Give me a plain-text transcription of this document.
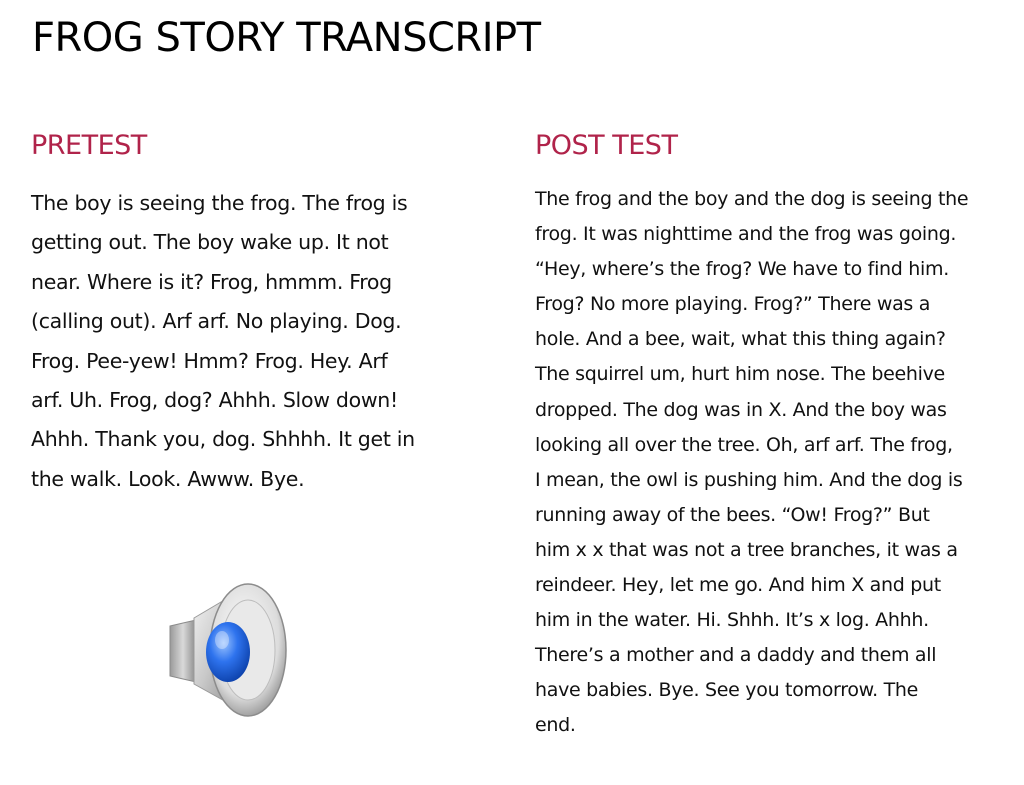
FROG STORY TRANSCRIPT
PRETEST

The boy is seeing the frog. The frog is
getting out. The boy wake up. It not
near. Where is it? Frog, hmmm. Frog
(calling out). Arf arf. No playing. Dog.
Frog. Pee-yew! Hmm? Frog. Hey. Arf
arf. Uh. Frog, dog? Ahhh. Slow down!
Ahhh. Thank you, dog. Shhhh. It get in
the walk. Look. Awww. Bye.

POST TEST

The frog and the boy and the dog is seeing the
frog. It was nighttime and the frog was going.
“Hey, where’s the frog? We have to find him.
Frog? No more playing. Frog?” There was a
hole. And a bee, wait, what this thing again?
The squirrel um, hurt him nose. The beehive
dropped. The dog was in X. And the boy was
looking all over the tree. Oh, arf arf. The frog,
I mean, the owl is pushing him. And the dog is
running away of the bees. “Ow! Frog?” But
him x x that was not a tree branches, it was a
reindeer. Hey, let me go. And him X and put
him in the water. Hi. Shhh. It’s x log. Ahhh.
There’s a mother and a daddy and them all
have babies. Bye. See you tomorrow. The
end.
